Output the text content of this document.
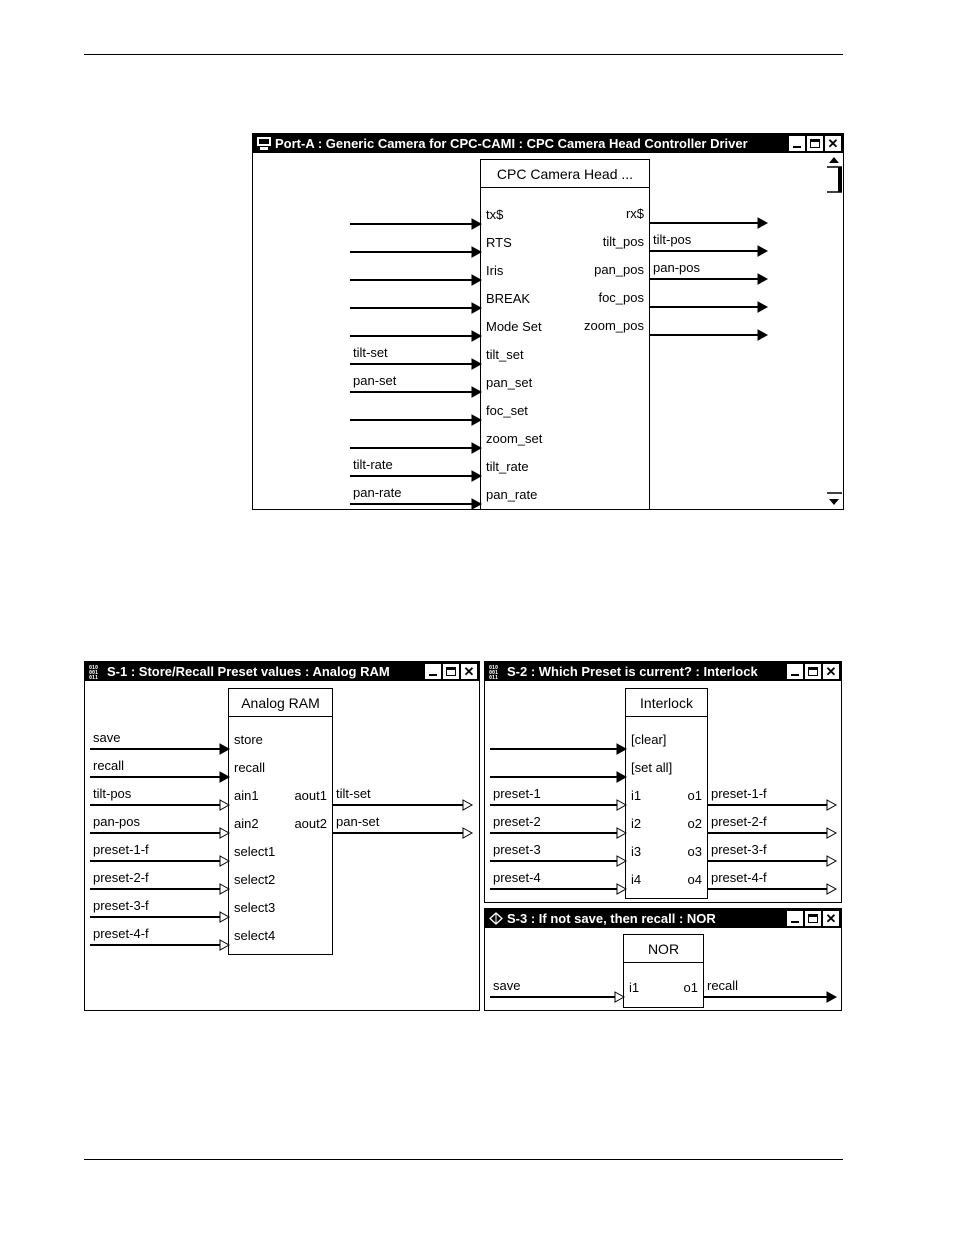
Port-A : Generic Camera for CPC-CAMI : CPC Camera Head Controller Driver	✕
010
001
011 S-1 : Store/Recall Preset values : Analog RAM	✕	010
001
011 S-2 : Which Preset is current? : Interlock	✕
S-3 : If not save, then recall : NOR	✕
CPC Camera Head ...
Analog RAM	Interlock
NOR
tx$
RTS
Iris
BREAK
Mode Set
tilt_set
tilt-set
pan_set
pan-set
foc_set
zoom_set
tilt_rate
tilt-rate
pan_rate
pan-rate
rx$
tilt_pos tilt-pos
pan_pos pan-pos
foc_pos
zoom_pos
store
save
recall
recall
ain1
tilt-pos
ain2
pan-pos
select1
preset-1-f
select2
preset-2-f
select3
preset-3-f
select4
preset-4-f
aout1 tilt-set
aout2 pan-set
[clear]
[set all]
i1
preset-1
i2
preset-2
i3
preset-3
i4
preset-4
o1 preset-1-f
o2 preset-2-f
o3 preset-3-f
o4 preset-4-f
i1
save	o1 recall
